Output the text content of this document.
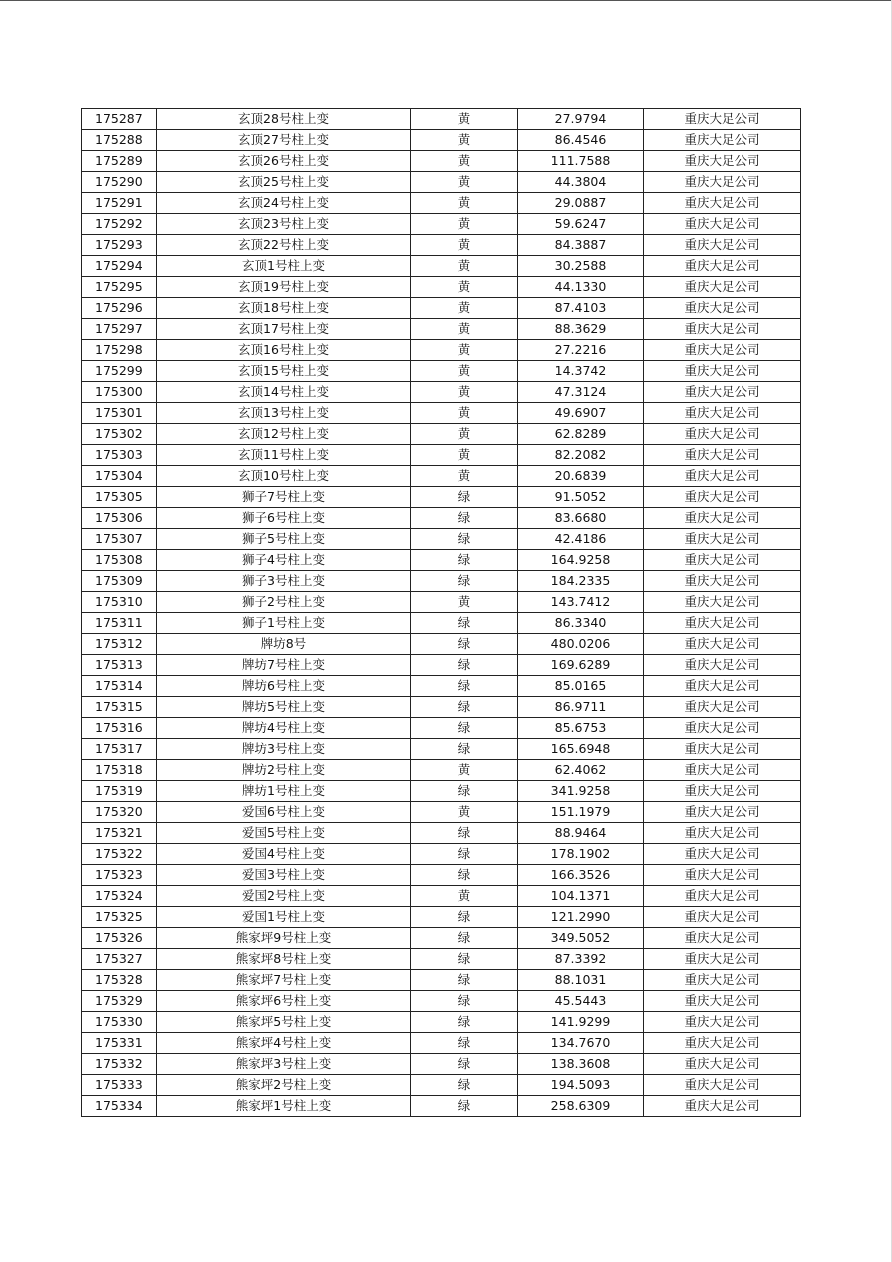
175287	玄顶28号柱上变	黄	27.9794	重庆大足公司
175288	玄顶27号柱上变	黄	86.4546	重庆大足公司
175289	玄顶26号柱上变	黄	111.7588	重庆大足公司
175290	玄顶25号柱上变	黄	44.3804	重庆大足公司
175291	玄顶24号柱上变	黄	29.0887	重庆大足公司
175292	玄顶23号柱上变	黄	59.6247	重庆大足公司
175293	玄顶22号柱上变	黄	84.3887	重庆大足公司
175294	玄顶1号柱上变	黄	30.2588	重庆大足公司
175295	玄顶19号柱上变	黄	44.1330	重庆大足公司
175296	玄顶18号柱上变	黄	87.4103	重庆大足公司
175297	玄顶17号柱上变	黄	88.3629	重庆大足公司
175298	玄顶16号柱上变	黄	27.2216	重庆大足公司
175299	玄顶15号柱上变	黄	14.3742	重庆大足公司
175300	玄顶14号柱上变	黄	47.3124	重庆大足公司
175301	玄顶13号柱上变	黄	49.6907	重庆大足公司
175302	玄顶12号柱上变	黄	62.8289	重庆大足公司
175303	玄顶11号柱上变	黄	82.2082	重庆大足公司
175304	玄顶10号柱上变	黄	20.6839	重庆大足公司
175305	狮子7号柱上变	绿	91.5052	重庆大足公司
175306	狮子6号柱上变	绿	83.6680	重庆大足公司
175307	狮子5号柱上变	绿	42.4186	重庆大足公司
175308	狮子4号柱上变	绿	164.9258	重庆大足公司
175309	狮子3号柱上变	绿	184.2335	重庆大足公司
175310	狮子2号柱上变	黄	143.7412	重庆大足公司
175311	狮子1号柱上变	绿	86.3340	重庆大足公司
175312	牌坊8号	绿	480.0206	重庆大足公司
175313	牌坊7号柱上变	绿	169.6289	重庆大足公司
175314	牌坊6号柱上变	绿	85.0165	重庆大足公司
175315	牌坊5号柱上变	绿	86.9711	重庆大足公司
175316	牌坊4号柱上变	绿	85.6753	重庆大足公司
175317	牌坊3号柱上变	绿	165.6948	重庆大足公司
175318	牌坊2号柱上变	黄	62.4062	重庆大足公司
175319	牌坊1号柱上变	绿	341.9258	重庆大足公司
175320	爱国6号柱上变	黄	151.1979	重庆大足公司
175321	爱国5号柱上变	绿	88.9464	重庆大足公司
175322	爱国4号柱上变	绿	178.1902	重庆大足公司
175323	爱国3号柱上变	绿	166.3526	重庆大足公司
175324	爱国2号柱上变	黄	104.1371	重庆大足公司
175325	爱国1号柱上变	绿	121.2990	重庆大足公司
175326	熊家坪9号柱上变	绿	349.5052	重庆大足公司
175327	熊家坪8号柱上变	绿	87.3392	重庆大足公司
175328	熊家坪7号柱上变	绿	88.1031	重庆大足公司
175329	熊家坪6号柱上变	绿	45.5443	重庆大足公司
175330	熊家坪5号柱上变	绿	141.9299	重庆大足公司
175331	熊家坪4号柱上变	绿	134.7670	重庆大足公司
175332	熊家坪3号柱上变	绿	138.3608	重庆大足公司
175333	熊家坪2号柱上变	绿	194.5093	重庆大足公司
175334	熊家坪1号柱上变	绿	258.6309	重庆大足公司
